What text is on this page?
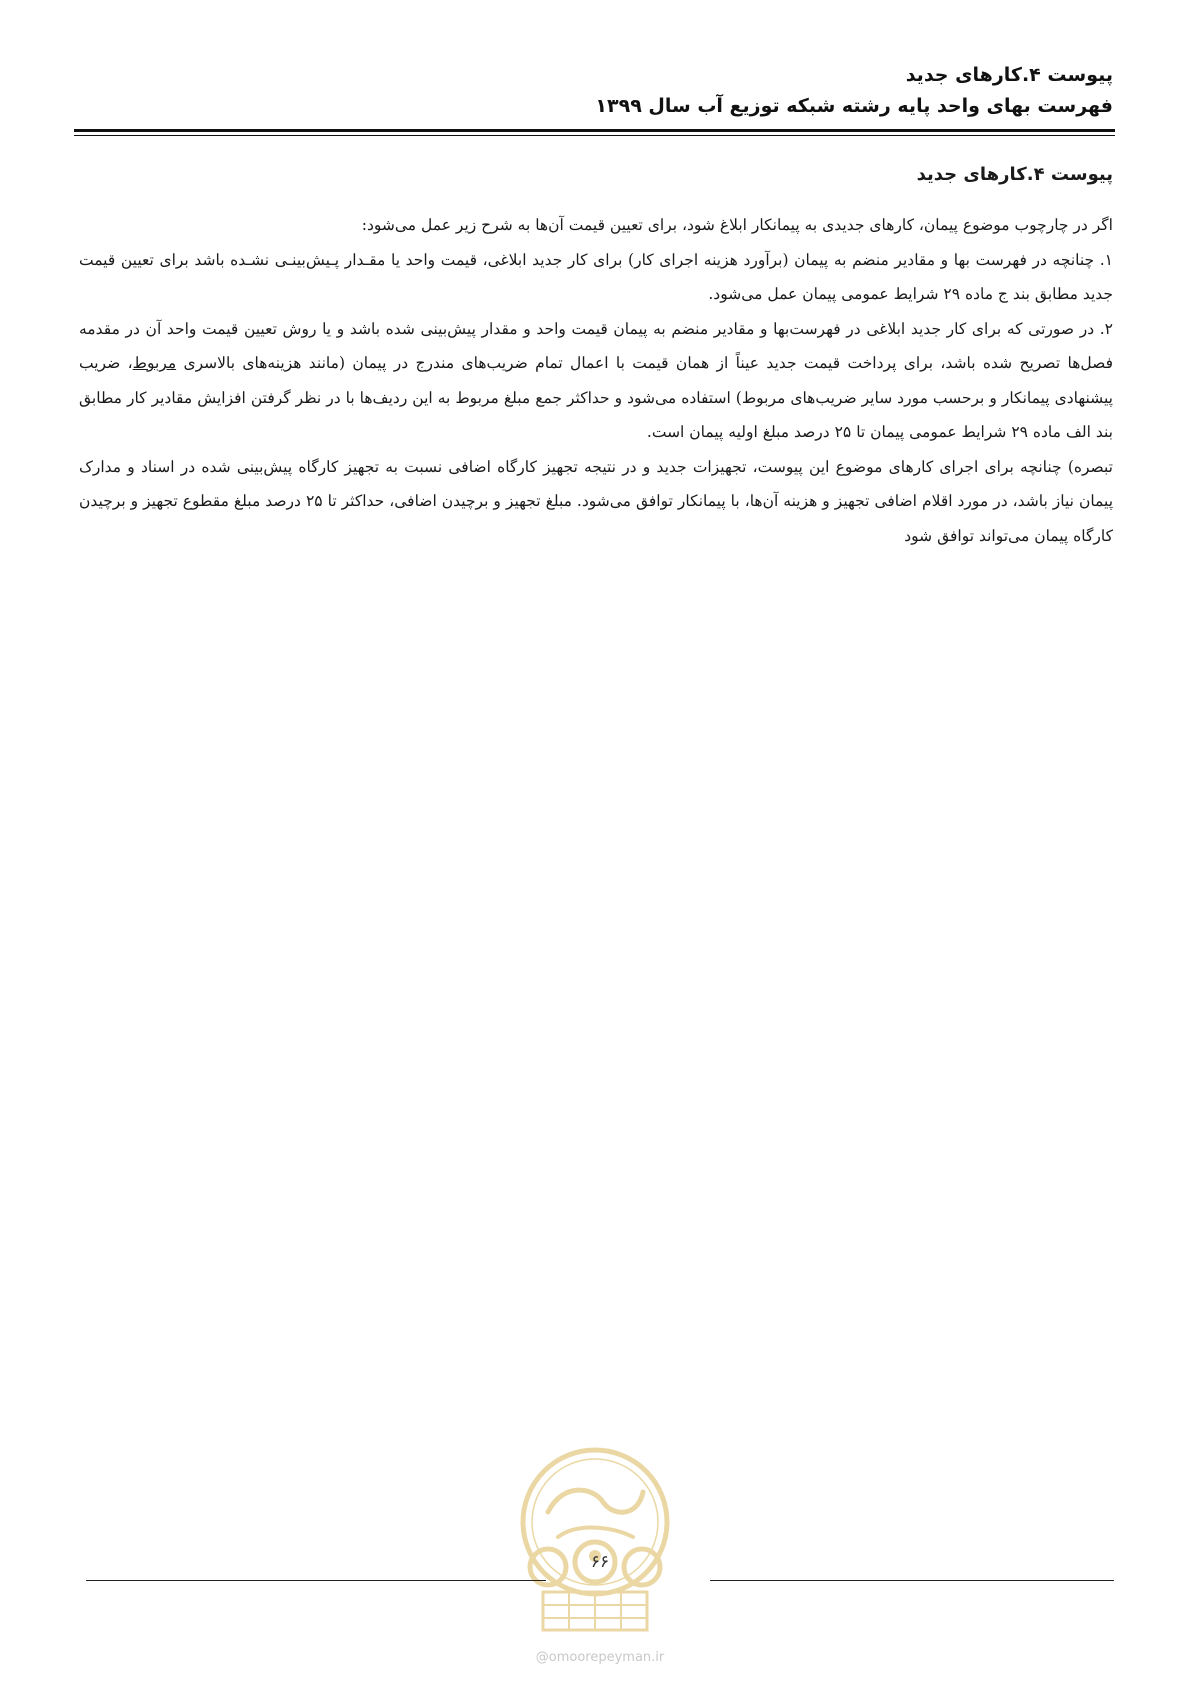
پیوست ۴.کارهای جدید
فهرست بهای واحد پایه رشته شبکه توزیع آب سال ۱۳۹۹
پیوست ۴.کارهای جدید

اگر در چارچوب موضوع پیمان، کارهای جدیدی به پیمانکار ابلاغ شود، برای تعیین قیمت آن‌ها به شرح زیر عمل می‌شود:

۱. چنانچه در فهرست بها و مقادیر منضم به پیمان (برآورد هزینه اجرای کار) برای کار جدید ابلاغی، قیمت واحد یا مقـدار پـیش‌بینـی نشـده باشد برای تعیین قیمت جدید مطابق بند ج ماده ۲۹ شرایط عمومی پیمان عمل می‌شود.

۲. در صورتی که برای کار جدید ابلاغی در فهرست‌بها و مقادیر منضم به پیمان قیمت واحد و مقدار پیش‌بینی شده باشد و یا روش تعیین قیمت واحد آن در مقدمه فصل‌ها تصریح شده باشد، برای پرداخت قیمت جدید عیناً از همان قیمت با اعمال تمام ضریب‌های مندرج در پیمان (مانند هزینه‌های بالاسری مربوط، ضریب پیشنهادی پیمانکار و برحسب مورد سایر ضریب‌های مربوط) استفاده می‌شود و حداکثر جمع مبلغ مربوط به این ردیف‌ها با در نظر گرفتن افزایش مقادیر کار مطابق بند الف ماده ۲۹ شرایط عمومی پیمان تا ۲۵ درصد مبلغ اولیه پیمان است.

تبصره) چنانچه برای اجرای کارهای موضوع این پیوست، تجهیزات جدید و در نتیجه تجهیز کارگاه اضافی نسبت به تجهیز کارگاه پیش‌بینی شده در اسناد و مدارک پیمان نیاز باشد، در مورد اقلام اضافی تجهیز و هزینه آن‌ها، با پیمانکار توافق می‌شود. مبلغ تجهیز و برچیدن اضافی، حداکثر تا ۲۵ درصد مبلغ مقطوع تجهیز و برچیدن کارگاه پیمان می‌تواند توافق شود

۶۶
@omoorepeyman.ir
